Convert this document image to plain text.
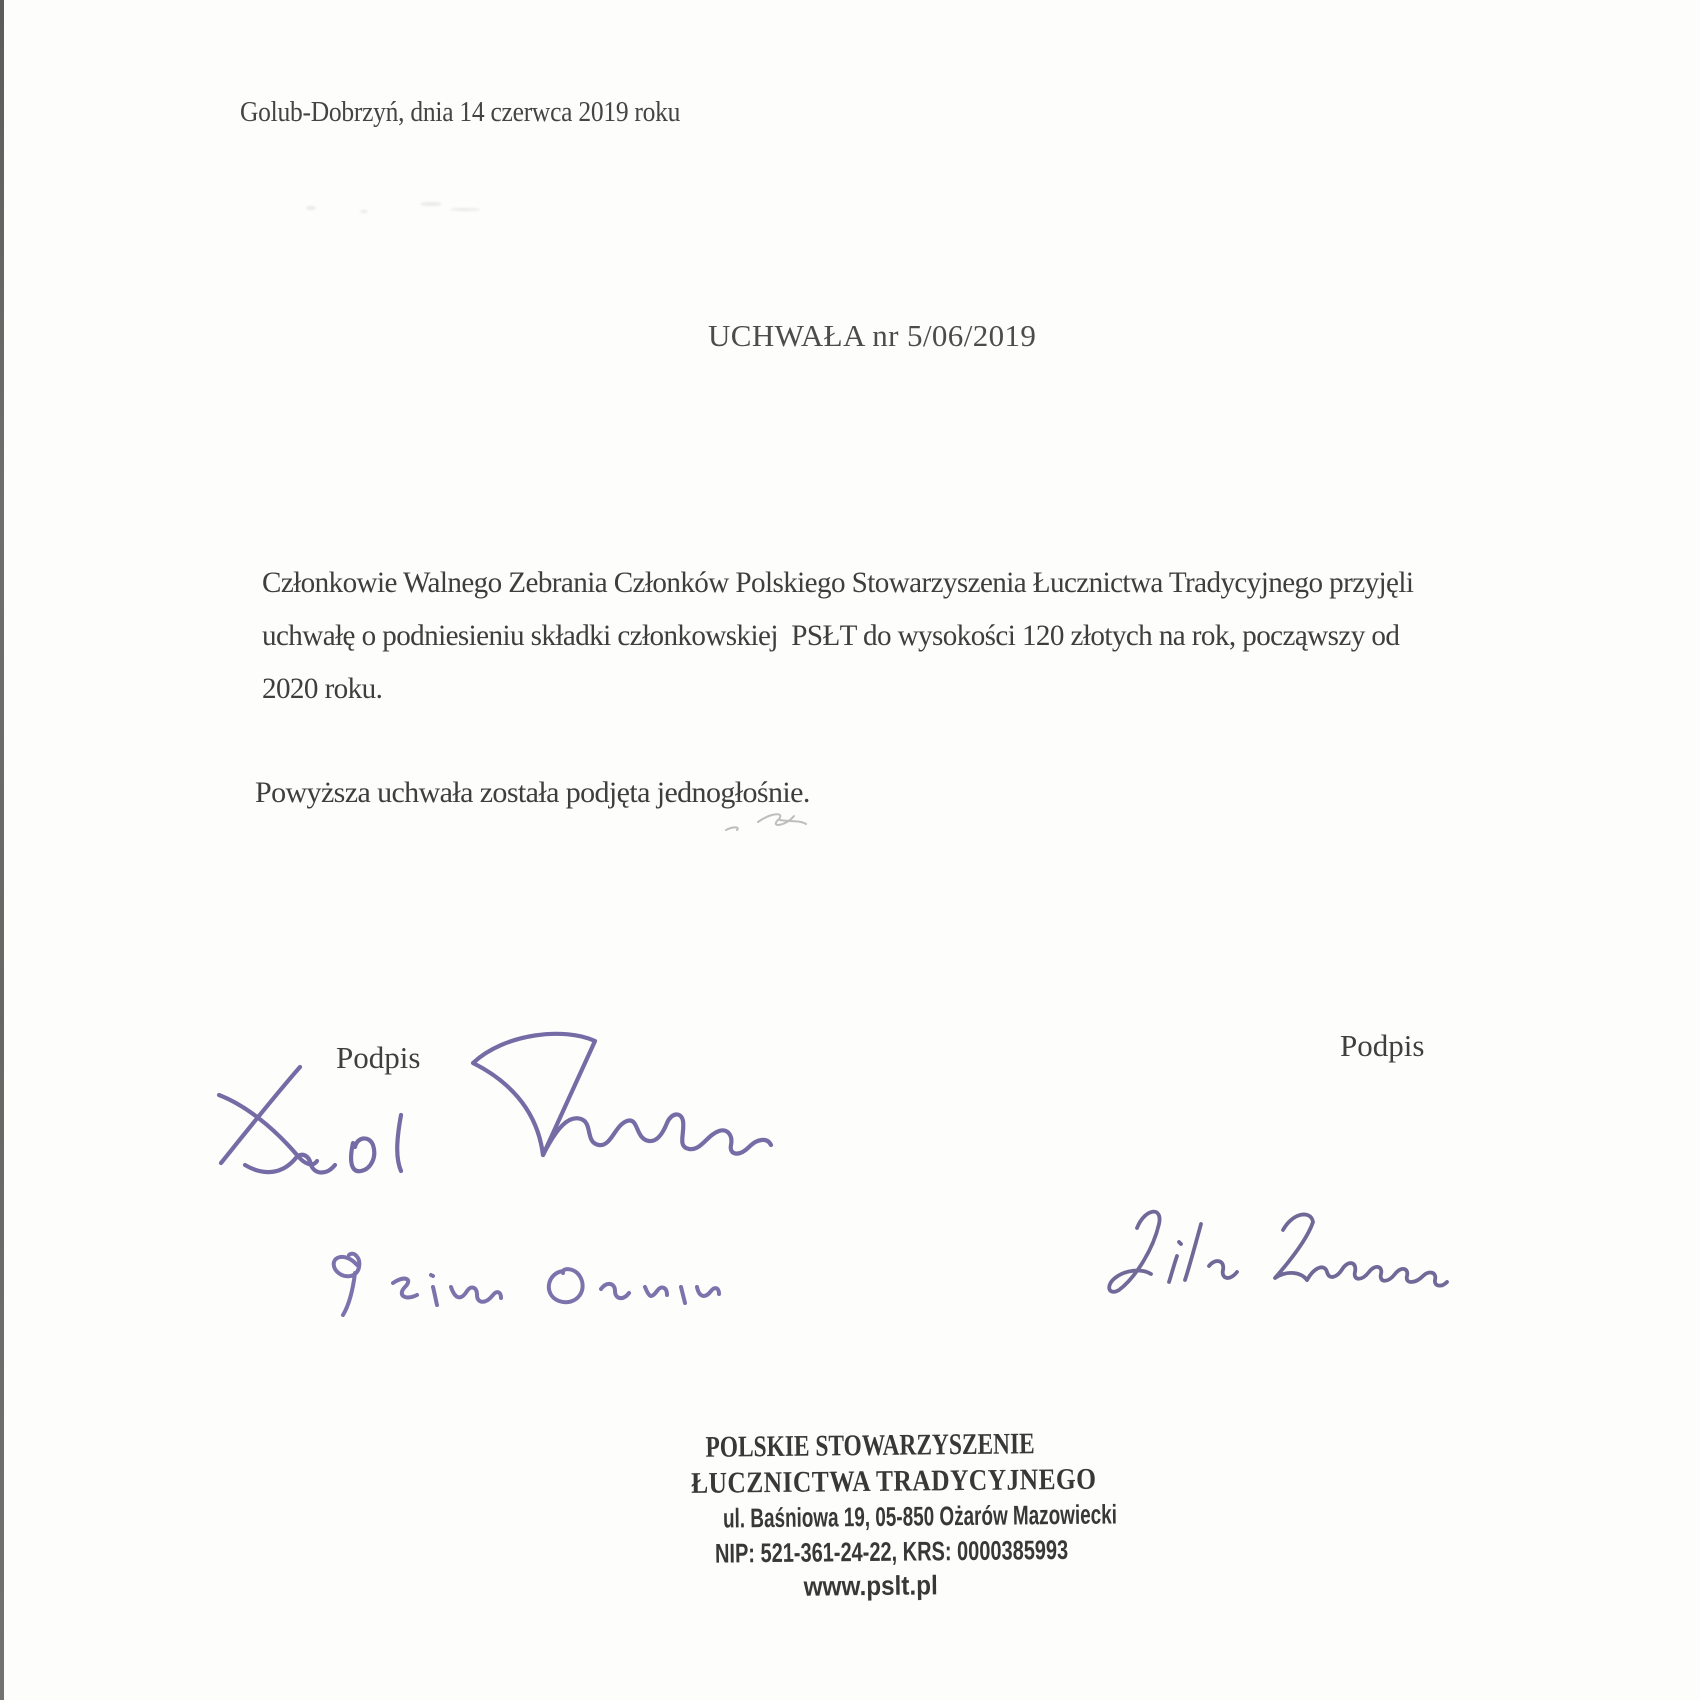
Golub-Dobrzyń, dnia 14 czerwca 2019 roku
UCHWAŁA nr 5/06/2019
Członkowie Walnego Zebrania Członków Polskiego Stowarzyszenia Łucznictwa Tradycyjnego przyjęli
uchwałę o podniesieniu składki członkowskiej  PSŁT do wysokości 120 złotych na rok, począwszy od
2020 roku.
Powyższa uchwała została podjęta jednogłośnie.
Podpis	Podpis
POLSKIE STOWARZYSZENIE
ŁUCZNICTWA TRADYCYJNEGO
ul. Baśniowa 19, 05-850 Ożarów Mazowiecki
NIP: 521-361-24-22, KRS: 0000385993
www.pslt.pl
